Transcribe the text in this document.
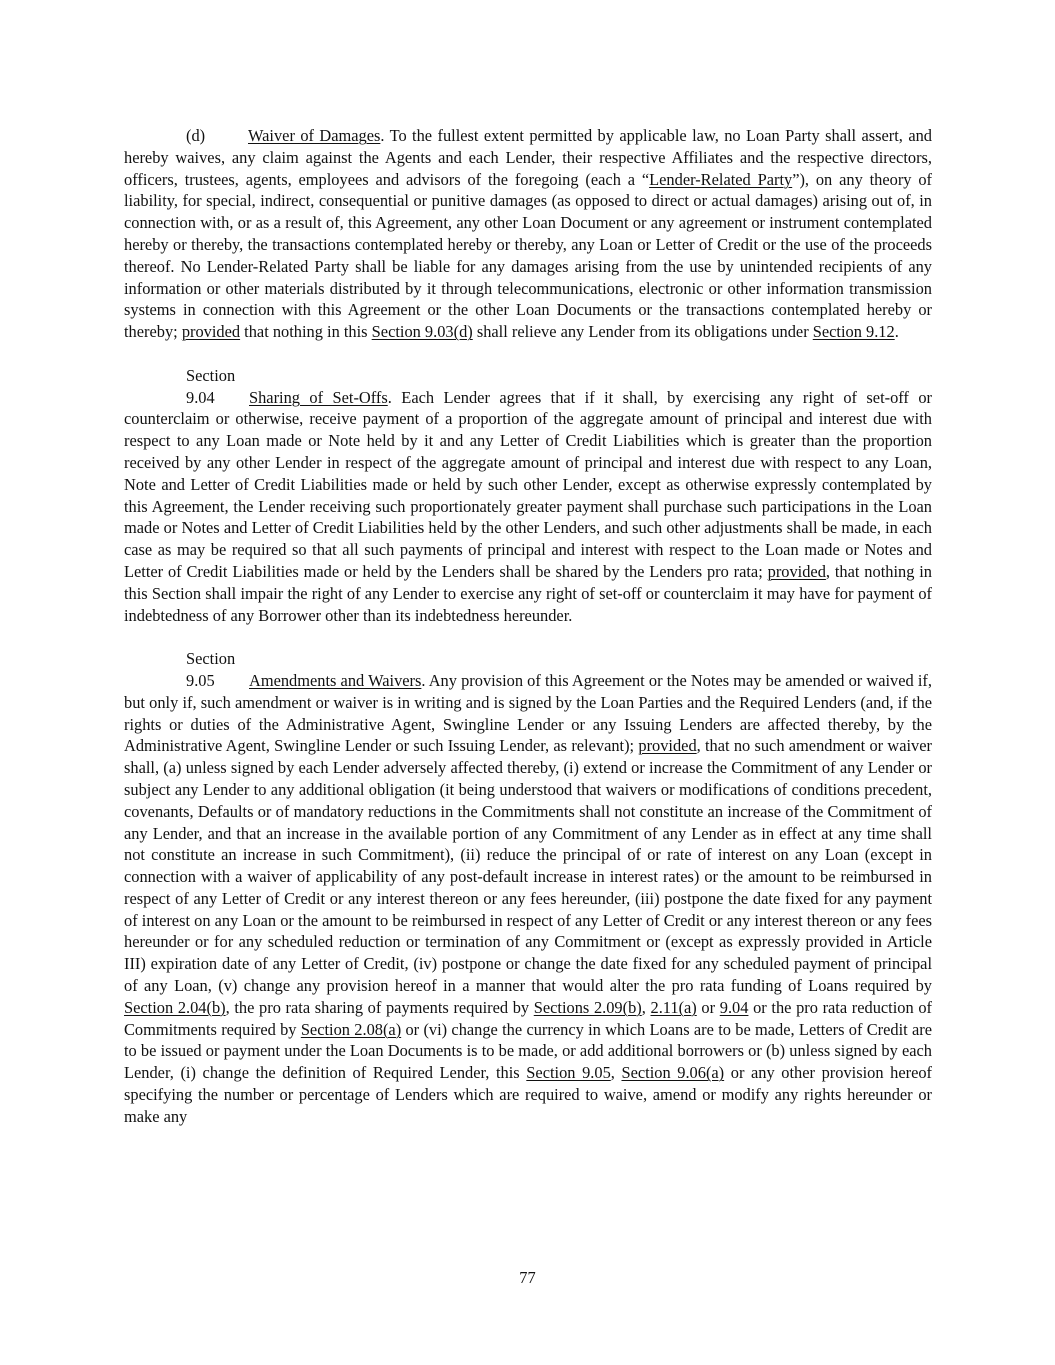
(d)	Waiver of Damages. To the fullest extent permitted by applicable law, no Loan Party shall assert, and hereby waives, any claim against the Agents and each Lender, their respective Affiliates and the respective directors, officers, trustees, agents, employees and advisors of the foregoing (each a “Lender-Related Party”), on any theory of liability, for special, indirect, consequential or punitive damages (as opposed to direct or actual damages) arising out of, in connection with, or as a result of, this Agreement, any other Loan Document or any agreement or instrument contemplated hereby or thereby, the transactions contemplated hereby or thereby, any Loan or Letter of Credit or the use of the proceeds thereof. No Lender-Related Party shall be liable for any damages arising from the use by unintended recipients of any information or other materials distributed by it through telecommunications, electronic or other information transmission systems in connection with this Agreement or the other Loan Documents or the transactions contemplated hereby or thereby; provided that nothing in this Section 9.03(d) shall relieve any Lender from its obligations under Section 9.12.

Section 9.04 Sharing of Set-Offs. Each Lender agrees that if it shall, by exercising any right of set-off or counterclaim or otherwise, receive payment of a proportion of the aggregate amount of principal and interest due with respect to any Loan made or Note held by it and any Letter of Credit Liabilities which is greater than the proportion received by any other Lender in respect of the aggregate amount of principal and interest due with respect to any Loan, Note and Letter of Credit Liabilities made or held by such other Lender, except as otherwise expressly contemplated by this Agreement, the Lender receiving such proportionately greater payment shall purchase such participations in the Loan made or Notes and Letter of Credit Liabilities held by the other Lenders, and such other adjustments shall be made, in each case as may be required so that all such payments of principal and interest with respect to the Loan made or Notes and Letter of Credit Liabilities made or held by the Lenders shall be shared by the Lenders pro rata; provided, that nothing in this Section shall impair the right of any Lender to exercise any right of set-off or counterclaim it may have for payment of indebtedness of any Borrower other than its indebtedness hereunder.

Section 9.05 Amendments and Waivers. Any provision of this Agreement or the Notes may be amended or waived if, but only if, such amendment or waiver is in writing and is signed by the Loan Parties and the Required Lenders (and, if the rights or duties of the Administrative Agent, Swingline Lender or any Issuing Lenders are affected thereby, by the Administrative Agent, Swingline Lender or such Issuing Lender, as relevant); provided, that no such amendment or waiver shall, (a) unless signed by each Lender adversely affected thereby, (i) extend or increase the Commitment of any Lender or subject any Lender to any additional obligation (it being understood that waivers or modifications of conditions precedent, covenants, Defaults or of mandatory reductions in the Commitments shall not constitute an increase of the Commitment of any Lender, and that an increase in the available portion of any Commitment of any Lender as in effect at any time shall not constitute an increase in such Commitment), (ii) reduce the principal of or rate of interest on any Loan (except in connection with a waiver of applicability of any post-default increase in interest rates) or the amount to be reimbursed in respect of any Letter of Credit or any interest thereon or any fees hereunder, (iii) postpone the date fixed for any payment of interest on any Loan or the amount to be reimbursed in respect of any Letter of Credit or any interest thereon or any fees hereunder or for any scheduled reduction or termination of any Commitment or (except as expressly provided in Article III) expiration date of any Letter of Credit, (iv) postpone or change the date fixed for any scheduled payment of principal of any Loan, (v) change any provision hereof in a manner that would alter the pro rata funding of Loans required by Section 2.04(b), the pro rata sharing of payments required by Sections 2.09(b), 2.11(a) or 9.04 or the pro rata reduction of Commitments required by Section 2.08(a) or (vi) change the currency in which Loans are to be made, Letters of Credit are to be issued or payment under the Loan Documents is to be made, or add additional borrowers or (b) unless signed by each Lender, (i) change the definition of Required Lender, this Section 9.05, Section 9.06(a) or any other provision hereof specifying the number or percentage of Lenders which are required to waive, amend or modify any rights hereunder or make any

77
